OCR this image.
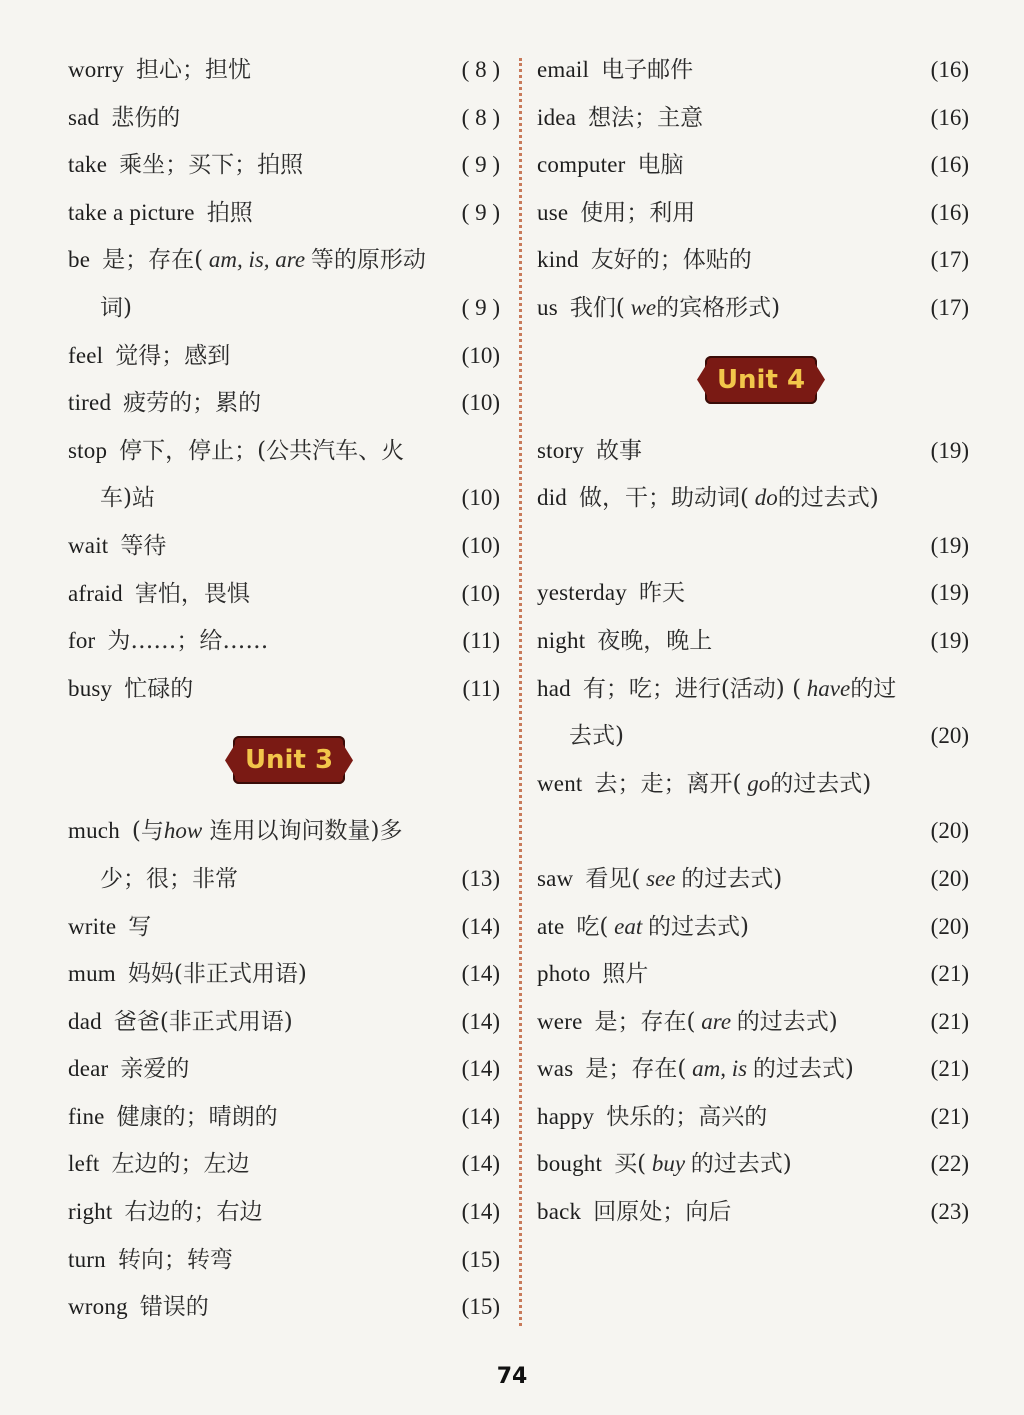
worry 担心；担忧	( 8 )
sad 悲伤的	( 8 )
take 乘坐；买下；拍照	( 9 )
take a picture 拍照	( 9 )
be 是；存在( am, is, are 等的原形动
词)	( 9 )
feel 觉得；感到	(10)
tired 疲劳的；累的	(10)
stop 停下，停止；(公共汽车、火
车)站	(10)
wait 等待	(10)
afraid 害怕，畏惧	(10)
for 为……；给……	(11)
busy 忙碌的	(11)
Unit 3
much (与how 连用以询问数量)多
少；很；非常	(13)
write 写	(14)
mum 妈妈(非正式用语)	(14)
dad 爸爸(非正式用语)	(14)
dear 亲爱的	(14)
fine 健康的；晴朗的	(14)
left 左边的；左边	(14)
right 右边的；右边	(14)
turn 转向；转弯	(15)
wrong 错误的	(15)
email 电子邮件	(16)
idea 想法；主意	(16)
computer 电脑	(16)
use 使用；利用	(16)
kind 友好的；体贴的	(17)
us 我们( we的宾格形式)	(17)
Unit 4
story 故事	(19)
did 做，干；助动词( do的过去式)
(19)
yesterday 昨天	(19)
night 夜晚，晚上	(19)
had 有；吃；进行(活动) ( have的过
去式)	(20)
went 去；走；离开( go的过去式)
(20)
saw 看见( see 的过去式)	(20)
ate 吃( eat 的过去式)	(20)
photo 照片	(21)
were 是；存在( are 的过去式)	(21)
was 是；存在( am, is 的过去式)	(21)
happy 快乐的；高兴的	(21)
bought 买( buy 的过去式)	(22)
back 回原处；向后	(23)
74
